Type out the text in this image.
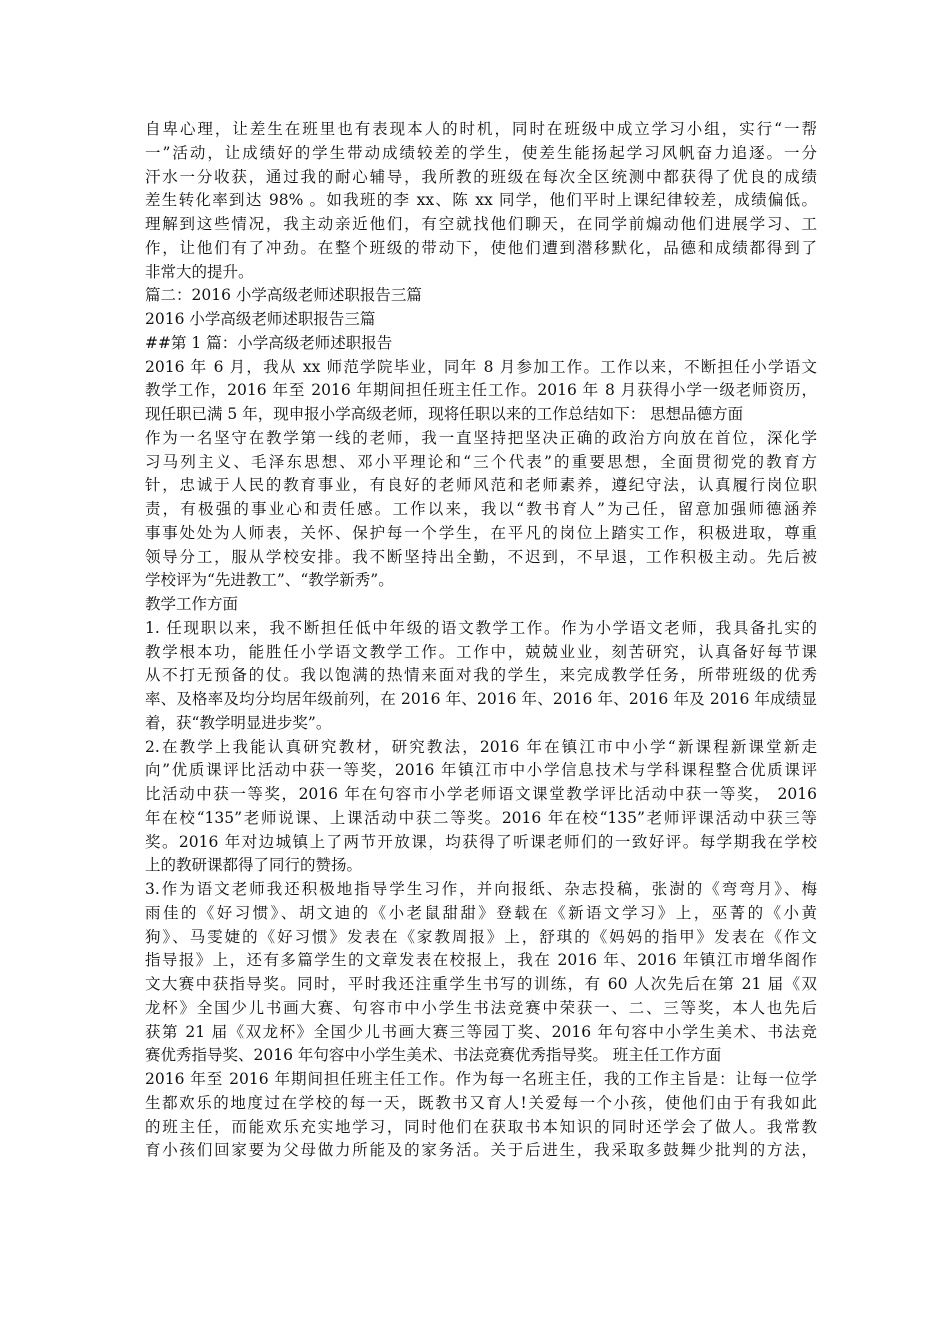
自卑心理，让差生在班里也有表现本人的时机，同时在班级中成立学习小组，实行“一帮
一”活动，让成绩好的学生带动成绩较差的学生，使差生能扬起学习风帆奋力追逐。一分
汗水一分收获，通过我的耐心辅导，我所教的班级在每次全区统测中都获得了优良的成绩
差生转化率到达 98% 。如我班的李 xx、陈 xx 同学，他们平时上课纪律较差，成绩偏低。
理解到这些情况，我主动亲近他们，有空就找他们聊天，在同学前煽动他们进展学习、工
作，让他们有了冲劲。在整个班级的带动下，使他们遭到潜移默化，品德和成绩都得到了
非常大的提升。
篇二：2016 小学高级老师述职报告三篇
2016 小学高级老师述职报告三篇
##第 1 篇：小学高级老师述职报告
2016 年 6 月，我从 xx 师范学院毕业，同年 8 月参加工作。工作以来，不断担任小学语文
教学工作，2016 年至 2016 年期间担任班主任工作。2016 年 8 月获得小学一级老师资历，
现任职已满 5 年，现申报小学高级老师，现将任职以来的工作总结如下： 思想品德方面
作为一名坚守在教学第一线的老师，我一直坚持把坚决正确的政治方向放在首位，深化学
习马列主义、毛泽东思想、邓小平理论和“三个代表”的重要思想，全面贯彻党的教育方
针，忠诚于人民的教育事业，有良好的老师风范和老师素养，遵纪守法，认真履行岗位职
责，有极强的事业心和责任感。工作以来，我以“教书育人”为己任，留意加强师德涵养
事事处处为人师表，关怀、保护每一个学生，在平凡的岗位上踏实工作，积极进取，尊重
领导分工，服从学校安排。我不断坚持出全勤，不迟到，不早退，工作积极主动。先后被
学校评为“先进教工”、“教学新秀”。
教学工作方面
1. 任现职以来，我不断担任低中年级的语文教学工作。作为小学语文老师，我具备扎实的
教学根本功，能胜任小学语文教学工作。工作中，兢兢业业，刻苦研究，认真备好每节课
从不打无预备的仗。我以饱满的热情来面对我的学生，来完成教学任务，所带班级的优秀
率、及格率及均分均居年级前列，在 2016 年、2016 年、2016 年、2016 年及 2016 年成绩显
着，获“教学明显进步奖”。
2.在教学上我能认真研究教材，研究教法，2016 年在镇江市中小学“新课程新课堂新走
向”优质课评比活动中获一等奖，2016 年镇江市中小学信息技术与学科课程整合优质课评
比活动中获一等奖，2016 年在句容市小学老师语文课堂教学评比活动中获一等奖， 2016
年在校“135”老师说课、上课活动中获二等奖。2016 年在校“135”老师评课活动中获三等
奖。2016 年对边城镇上了两节开放课，均获得了听课老师们的一致好评。每学期我在学校
上的教研课都得了同行的赞扬。
3.作为语文老师我还积极地指导学生习作，并向报纸、杂志投稿，张澍的《弯弯月》、梅
雨佳的《好习惯》、胡文迪的《小老鼠甜甜》登载在《新语文学习》上，巫菁的《小黄
狗》、马雯婕的《好习惯》发表在《家教周报》上，舒琪的《妈妈的指甲》发表在《作文
指导报》上，还有多篇学生的文章发表在校报上，我在 2016 年、2016 年镇江市增华阁作
文大赛中获指导奖。同时，平时我还注重学生书写的训练，有 60 人次先后在第 21 届《双
龙杯》全国少儿书画大赛、句容市中小学生书法竞赛中荣获一、二、三等奖，本人也先后
获第 21 届《双龙杯》全国少儿书画大赛三等园丁奖、2016 年句容中小学生美术、书法竞
赛优秀指导奖、2016 年句容中小学生美术、书法竞赛优秀指导奖。 班主任工作方面
2016 年至 2016 年期间担任班主任工作。作为每一名班主任，我的工作主旨是：让每一位学
生都欢乐的地度过在学校的每一天，既教书又育人!关爱每一个小孩，使他们由于有我如此
的班主任，而能欢乐充实地学习，同时他们在获取书本知识的同时还学会了做人。我常教
育小孩们回家要为父母做力所能及的家务活。关于后进生，我采取多鼓舞少批判的方法，
